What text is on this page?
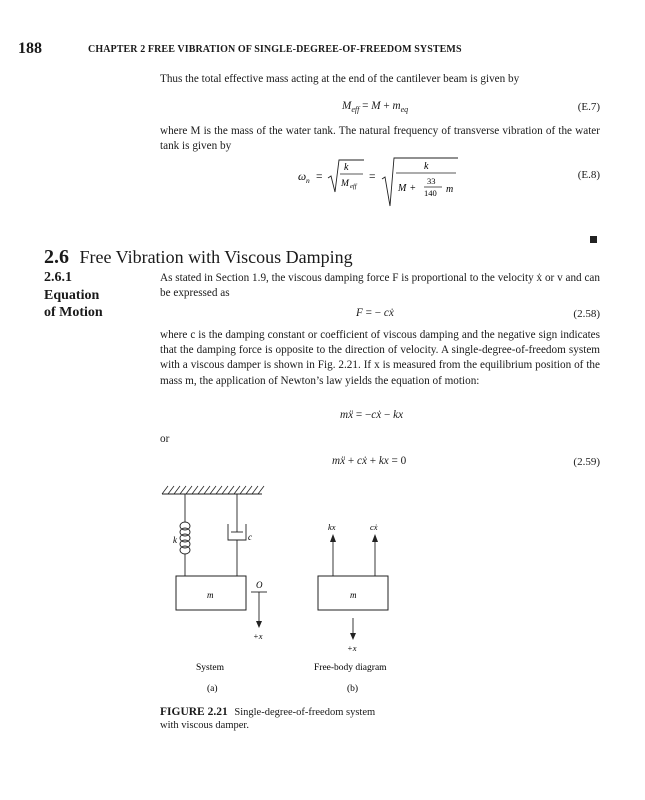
188	CHAPTER 2 FREE VIBRATION OF SINGLE-DEGREE-OF-FREEDOM SYSTEMS
Thus the total effective mass acting at the end of the cantilever beam is given by
$M_{eff} = M + m_{eq}$	(E.7)
where M is the mass of the water tank. The natural frequency of transverse vibration of the water tank is given by
ω n =
k
M eff
=
k
M +
33
140 m
(E.8)
2.6 Free Vibration with Viscous Damping
2.6.1
Equation
of Motion
As stated in Section 1.9, the viscous damping force F is proportional to the velocity ẋ or v and can be expressed as
F = − cẋ	(2.58)
where c is the damping constant or coefficient of viscous damping and the negative sign indicates that the damping force is opposite to the direction of velocity. A single-degree-of-freedom system with a viscous damper is shown in Fig. 2.21. If x is measured from the equilibrium position of the mass m, the application of Newton’s law yields the equation of motion:
mẍ = −cẋ − kx
or
mẍ + cẋ + kx = 0	(2.59)
k	c
m
O
+x
m
kx	cẋ
+x
System
(a)
Free-body diagram
(b)
FIGURE 2.21 Single-degree-of-freedom system
with viscous damper.
